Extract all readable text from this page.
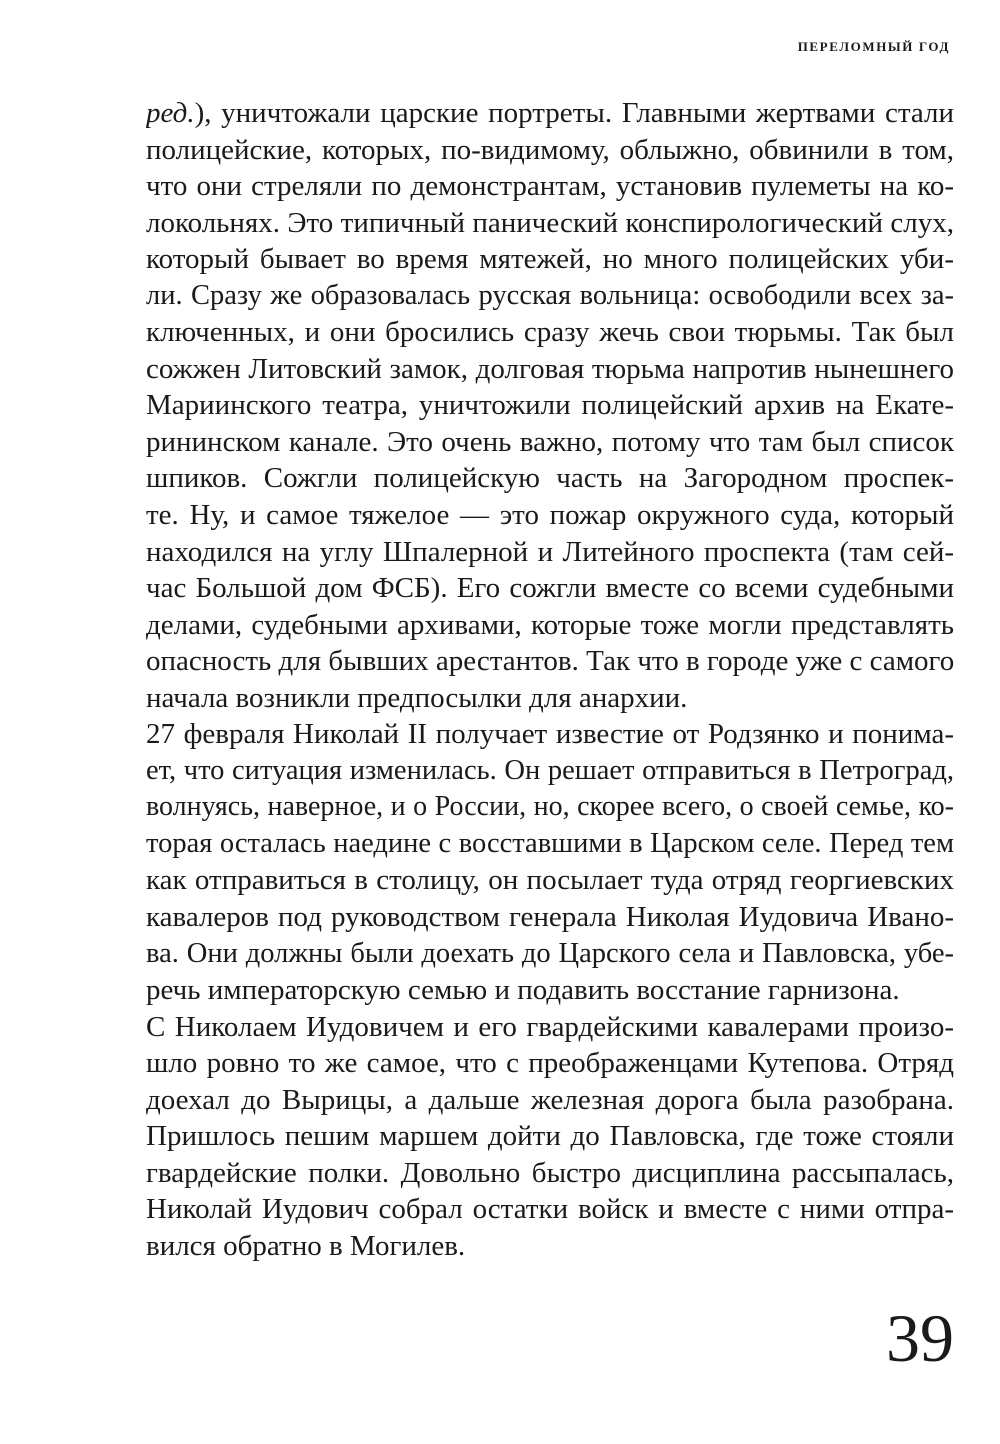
ПЕРЕЛОМНЫЙ ГОД
ред.), уничтожали царские портреты. Главными жертвами стали
полицейские, которых, по-видимому, облыжно, обвинили в том,
что они стреляли по демонстрантам, установив пулеметы на ко-
локольнях. Это типичный панический конспирологический слух,
который бывает во время мятежей, но много полицейских уби-
ли. Сразу же образовалась русская вольница: освободили всех за-
ключенных, и они бросились сразу жечь свои тюрьмы. Так был
сожжен Литовский замок, долговая тюрьма напротив нынешнего
Мариинского театра, уничтожили полицейский архив на Екате-
рининском канале. Это очень важно, потому что там был список
шпиков. Сожгли полицейскую часть на Загородном проспек-
те. Ну, и самое тяжелое — это пожар окружного суда, который
находился на углу Шпалерной и Литейного проспекта (там сей-
час Большой дом ФСБ). Его сожгли вместе со всеми судебными
делами, судебными архивами, которые тоже могли представлять
опасность для бывших арестантов. Так что в городе уже с самого
начала возникли предпосылки для анархии.
27 февраля Николай II получает известие от Родзянко и понима-
ет, что ситуация изменилась. Он решает отправиться в Петроград,
волнуясь, наверное, и о России, но, скорее всего, о своей семье, ко-
торая осталась наедине с восставшими в Царском селе. Перед тем
как отправиться в столицу, он посылает туда отряд георгиевских
кавалеров под руководством генерала Николая Иудовича Ивано-
ва. Они должны были доехать до Царского села и Павловска, убе-
речь императорскую семью и подавить восстание гарнизона.
С Николаем Иудовичем и его гвардейскими кавалерами произо-
шло ровно то же самое, что с преображенцами Кутепова. Отряд
доехал до Вырицы, а дальше железная дорога была разобрана.
Пришлось пешим маршем дойти до Павловска, где тоже стояли
гвардейские полки. Довольно быстро дисциплина рассыпалась,
Николай Иудович собрал остатки войск и вместе с ними отпра-
вился обратно в Могилев.
39
